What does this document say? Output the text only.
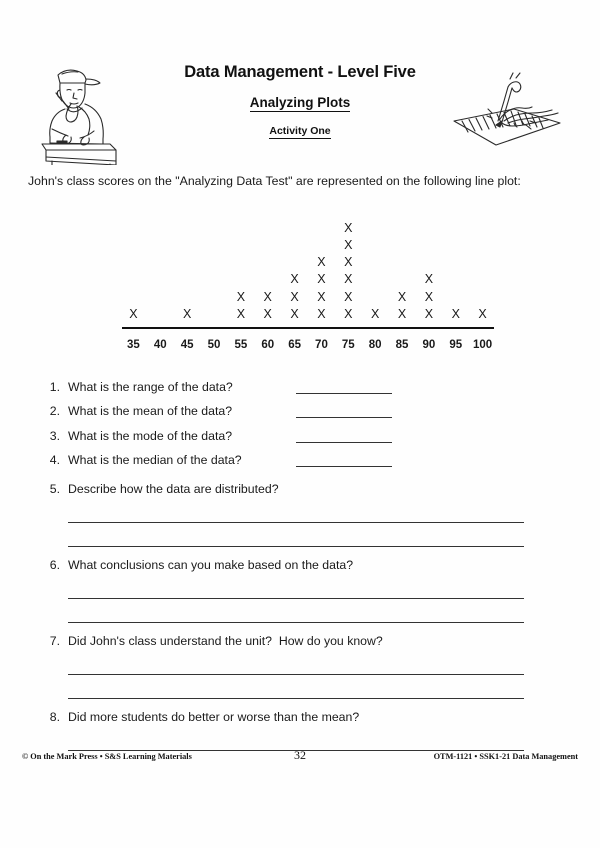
Data Management - Level Five
Analyzing Plots
Activity One
John's class scores on the "Analyzing Data Test" are represented on the following line plot:
X	X	X
X
X
X
X
X
X
X
X
X
X
X
X
X
X
X
X
X X
X
X
X
X
X X
35	40	45	50	55	60	65	70	75	80	85	90	95 100
1. What is the range of the data?
2. What is the mean of the data?
3. What is the mode of the data?
4. What is the median of the data?
5. Describe how the data are distributed?
6. What conclusions can you make based on the data?
7. Did John's class understand the unit?  How do you know?
8. Did more students do better or worse than the mean?
© On the Mark Press • S&S Learning Materials	32	OTM-1121 • SSK1-21 Data Management
